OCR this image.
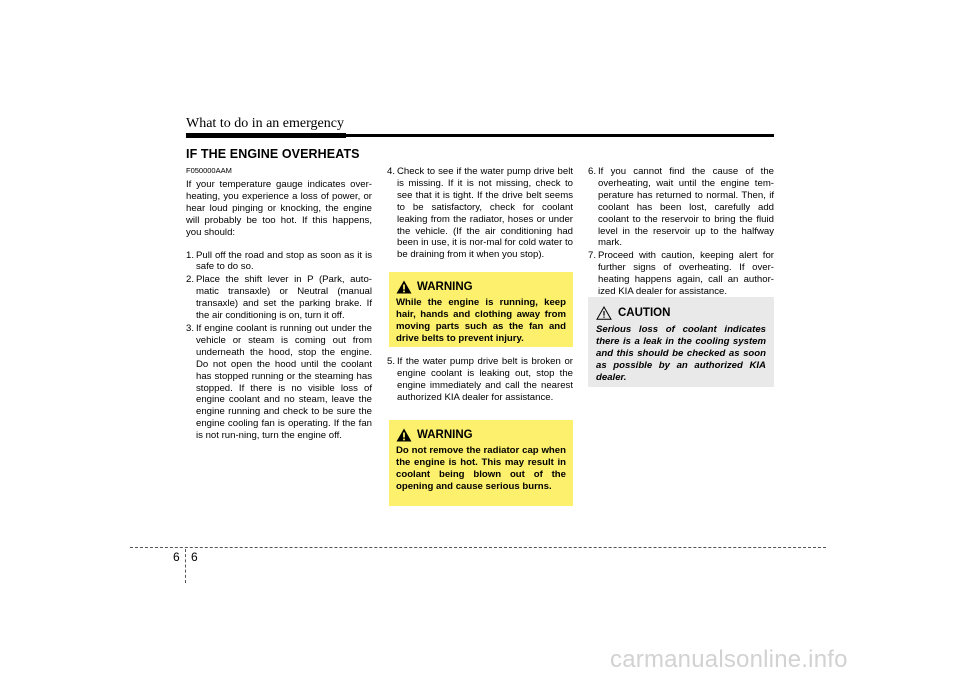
What to do in an emergency
IF THE ENGINE OVERHEATS

F050000AAM

If your temperature gauge indicates over-heating, you experience a loss of power, or hear loud pinging or knocking, the engine will probably be too hot. If this happens, you should:

1. Pull off the road and stop as soon as it is safe to do so.
2. Place the shift lever in P (Park, auto-matic transaxle) or Neutral (manual transaxle) and set the parking brake. If the air conditioning is on, turn it off.
3. If engine coolant is running out under the vehicle or steam is coming out from underneath the hood, stop the engine. Do not open the hood until the coolant has stopped running or the steaming has stopped. If there is no visible loss of engine coolant and no steam, leave the engine running and check to be sure the engine cooling fan is operating. If the fan is not run-ning, turn the engine off.
4. Check to see if the water pump drive belt is missing. If it is not missing, check to see that it is tight. If the drive belt seems to be satisfactory, check for coolant leaking from the radiator, hoses or under the vehicle. (If the air conditioning had been in use, it is nor-mal for cold water to be draining from it when you stop).
WARNING
While the engine is running, keep hair, hands and clothing away from moving parts such as the fan and drive belts to prevent injury.
5. If the water pump drive belt is broken or engine coolant is leaking out, stop the engine immediately and call the nearest authorized KIA dealer for assistance.
WARNING
Do not remove the radiator cap when the engine is hot. This may result in coolant being blown out of the opening and cause serious burns.
6. If you cannot find the cause of the overheating, wait until the engine tem-perature has returned to normal. Then, if coolant has been lost, carefully add coolant to the reservoir to bring the fluid level in the reservoir up to the halfway mark.
7. Proceed with caution, keeping alert for further signs of overheating. If over-heating happens again, call an author-ized KIA dealer for assistance.
CAUTION
Serious loss of coolant indicates there is a leak in the cooling system and this should be checked as soon as possible by an authorized KIA dealer.
6 6
carmanualsonline.info
